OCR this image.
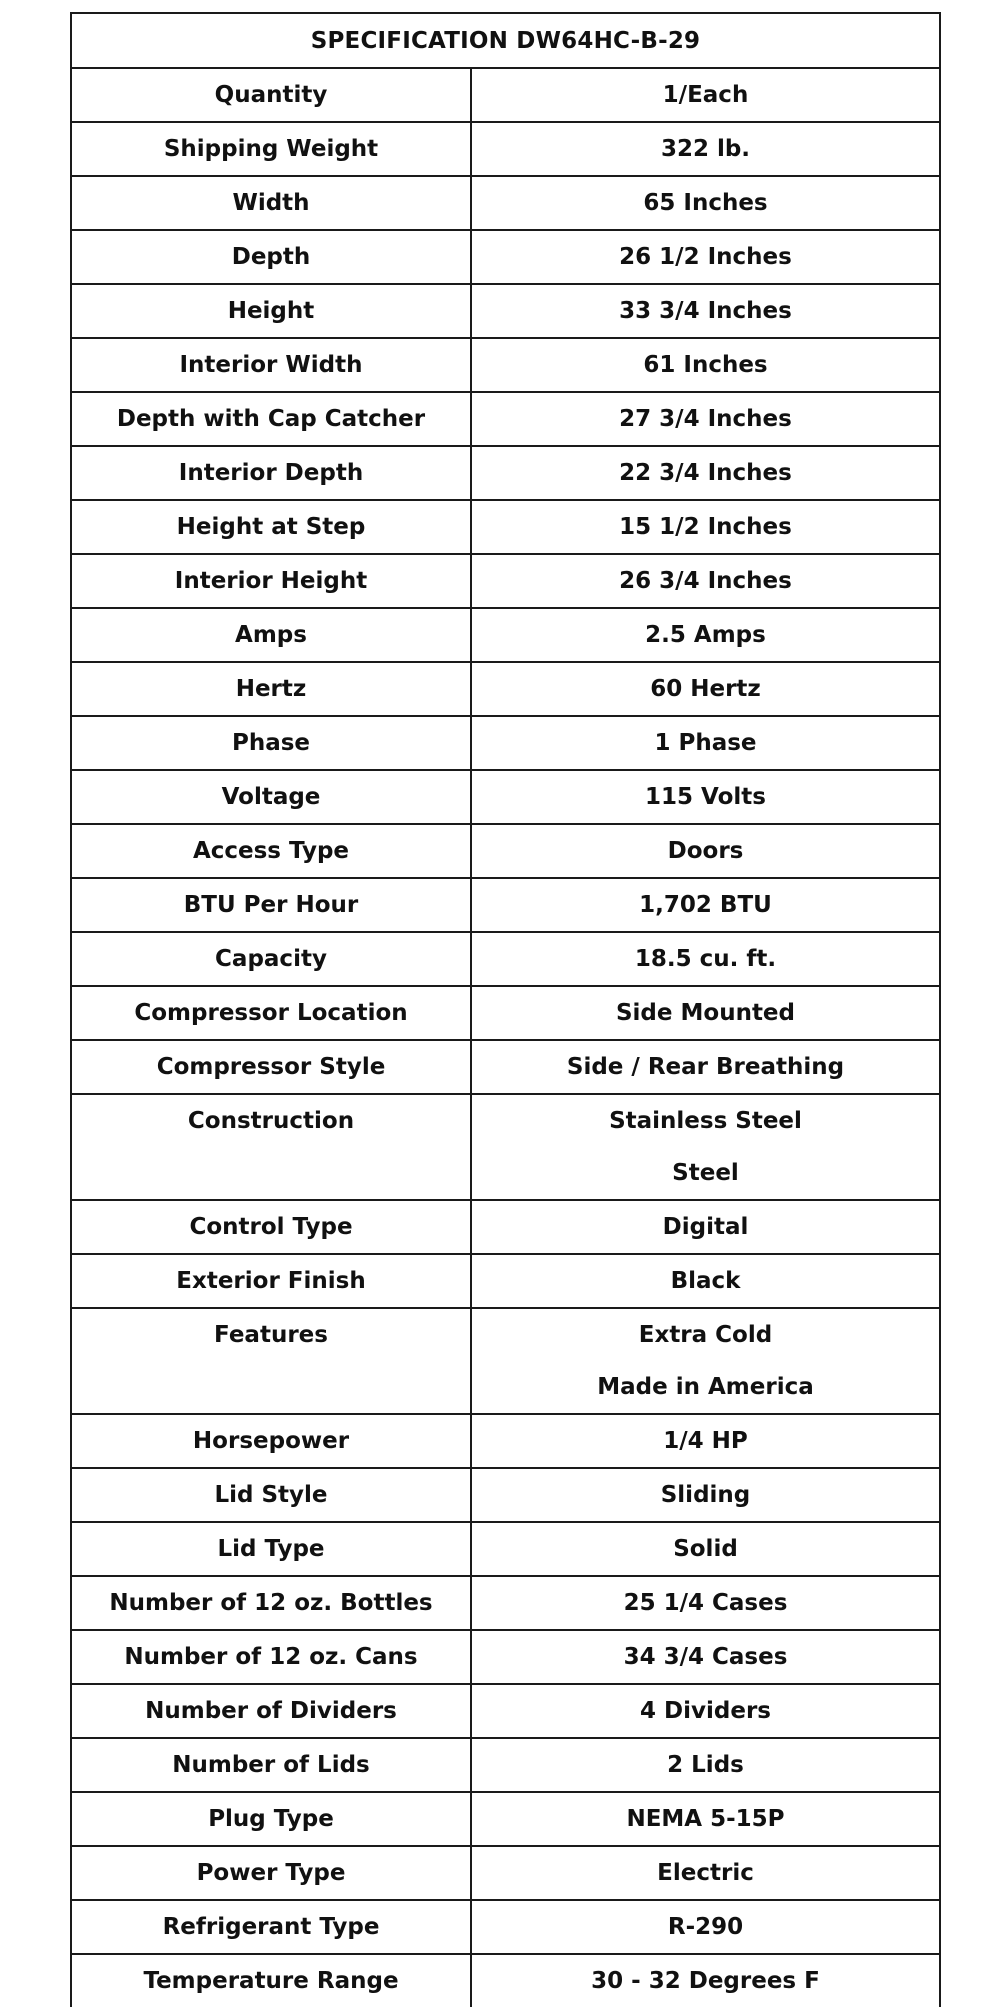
SPECIFICATION DW64HC-B-29
Quantity	1/Each
Shipping Weight	322 lb.
Width	65 Inches
Depth	26 1/2 Inches
Height	33 3/4 Inches
Interior Width	61 Inches
Depth with Cap Catcher	27 3/4 Inches
Interior Depth	22 3/4 Inches
Height at Step	15 1/2 Inches
Interior Height	26 3/4 Inches
Amps	2.5 Amps
Hertz	60 Hertz
Phase	1 Phase
Voltage	115 Volts
Access Type	Doors
BTU Per Hour	1,702 BTU
Capacity	18.5 cu. ft.
Compressor Location	Side Mounted
Compressor Style	Side / Rear Breathing
Construction	Stainless Steel
Steel
Control Type	Digital
Exterior Finish	Black
Features	Extra Cold
Made in America
Horsepower	1/4 HP
Lid Style	Sliding
Lid Type	Solid
Number of 12 oz. Bottles	25 1/4 Cases
Number of 12 oz. Cans	34 3/4 Cases
Number of Dividers	4 Dividers
Number of Lids	2 Lids
Plug Type	NEMA 5-15P
Power Type	Electric
Refrigerant Type	R-290
Temperature Range	30 - 32 Degrees F
